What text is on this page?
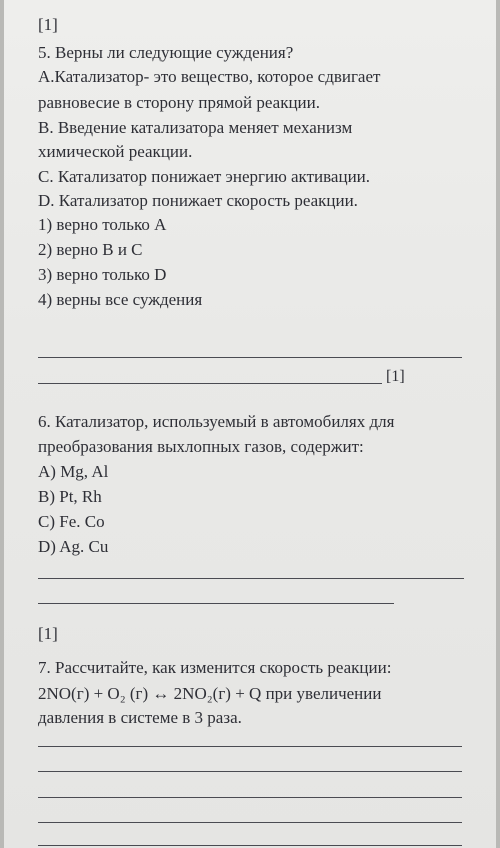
[1]
5. Верны ли следующие суждения?
А.Катализатор- это вещество, которое сдвигает
равновесие в сторону прямой реакции.
В. Введение катализатора меняет механизм
химической реакции.
С. Катализатор понижает энергию активации.
D. Катализатор понижает скорость реакции.
1) верно только А
2) верно В и С
3) верно только D
4) верны все суждения
[1]
6. Катализатор, используемый в автомобилях для
преобразования выхлопных газов, содержит:
A) Mg, Al
B) Pt, Rh
C) Fe. Co
D) Ag. Cu
[1]
7. Рассчитайте, как изменится скорость реакции:
2NO(г) + O₂ (г) ↔ 2NO₂(г) + Q при увеличении
давления в системе в 3 раза.
